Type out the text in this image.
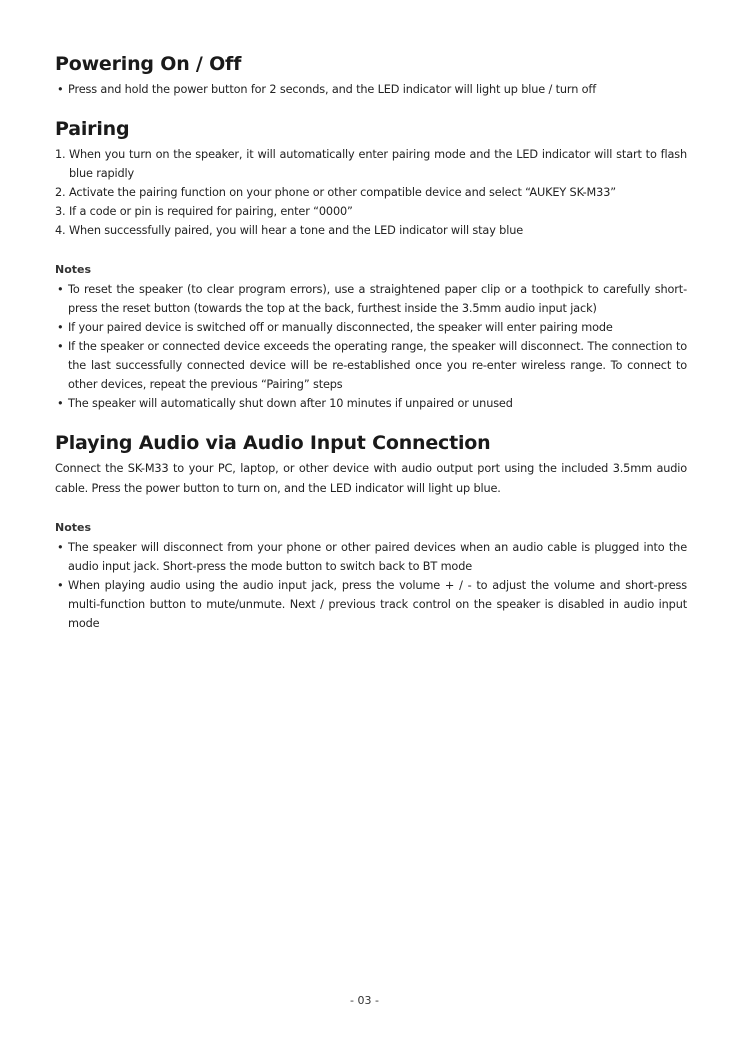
Powering On / Off
• Press and hold the power button for 2 seconds, and the LED indicator will light up blue / turn off
Pairing
1. When you turn on the speaker, it will automatically enter pairing mode and the LED indicator will start to flash blue rapidly
2. Activate the pairing function on your phone or other compatible device and select “AUKEY SK-M33”
3. If a code or pin is required for pairing, enter “0000”
4. When successfully paired, you will hear a tone and the LED indicator will stay blue
Notes
• To reset the speaker (to clear program errors), use a straightened paper clip or a toothpick to carefully short-press the reset button (towards the top at the back, furthest inside the 3.5mm audio input jack)
• If your paired device is switched off or manually disconnected, the speaker will enter pairing mode
• If the speaker or connected device exceeds the operating range, the speaker will disconnect. The connection to the last successfully connected device will be re-established once you re-enter wireless range. To connect to other devices, repeat the previous “Pairing” steps
• The speaker will automatically shut down after 10 minutes if unpaired or unused
Playing Audio via Audio Input Connection

Connect the SK-M33 to your PC, laptop, or other device with audio output port using the included 3.5mm audio cable. Press the power button to turn on, and the LED indicator will light up blue.

Notes
• The speaker will disconnect from your phone or other paired devices when an audio cable is plugged into the audio input jack. Short-press the mode button to switch back to BT mode
• When playing audio using the audio input jack, press the volume + / - to adjust the volume and short-press multi-function button to mute/unmute. Next / previous track control on the speaker is disabled in audio input mode
- 03 -
